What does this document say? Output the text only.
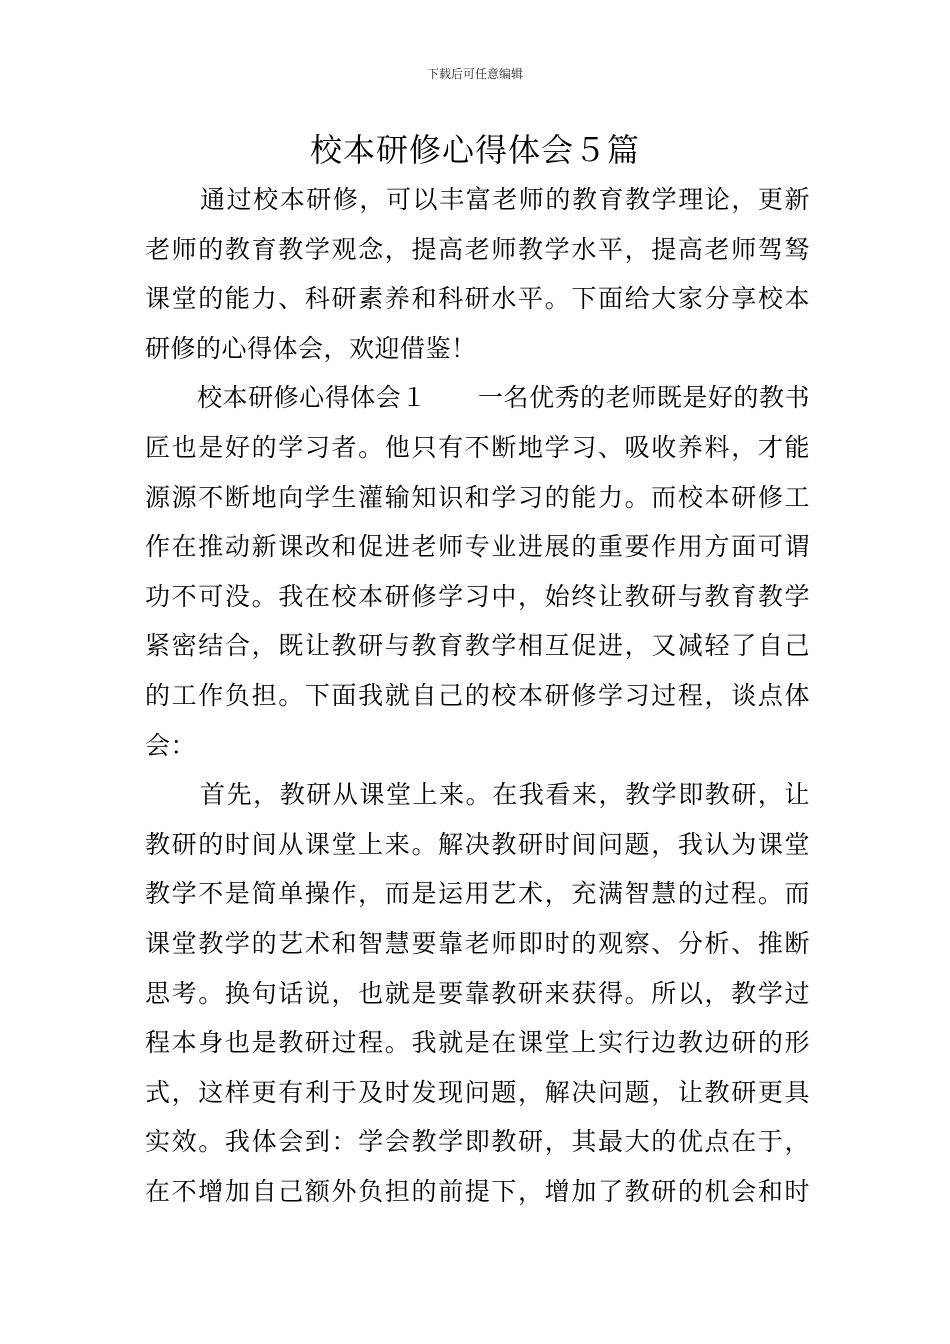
下载后可任意编辑
校本研修心得体会５篇
通过校本研修，可以丰富老师的教育教学理论，更新
老师的教育教学观念，提高老师教学水平，提高老师驾驽
课堂的能力、科研素养和科研水平。下面给大家分享校本
研修的心得体会，欢迎借鉴！
校本研修心得体会１　　一名优秀的老师既是好的教书
匠也是好的学习者。他只有不断地学习、吸收养料，才能
源源不断地向学生灌输知识和学习的能力。而校本研修工
作在推动新课改和促进老师专业进展的重要作用方面可谓
功不可没。我在校本研修学习中，始终让教研与教育教学
紧密结合，既让教研与教育教学相互促进，又减轻了自己
的工作负担。下面我就自己的校本研修学习过程，谈点体
会：
首先，教研从课堂上来。在我看来，教学即教研，让
教研的时间从课堂上来。解决教研时间问题，我认为课堂
教学不是简单操作，而是运用艺术，充满智慧的过程。而
课堂教学的艺术和智慧要靠老师即时的观察、分析、推断
思考。换句话说，也就是要靠教研来获得。所以，教学过
程本身也是教研过程。我就是在课堂上实行边教边研的形
式，这样更有利于及时发现问题，解决问题，让教研更具
实效。我体会到：学会教学即教研，其最大的优点在于，
在不增加自己额外负担的前提下，增加了教研的机会和时
